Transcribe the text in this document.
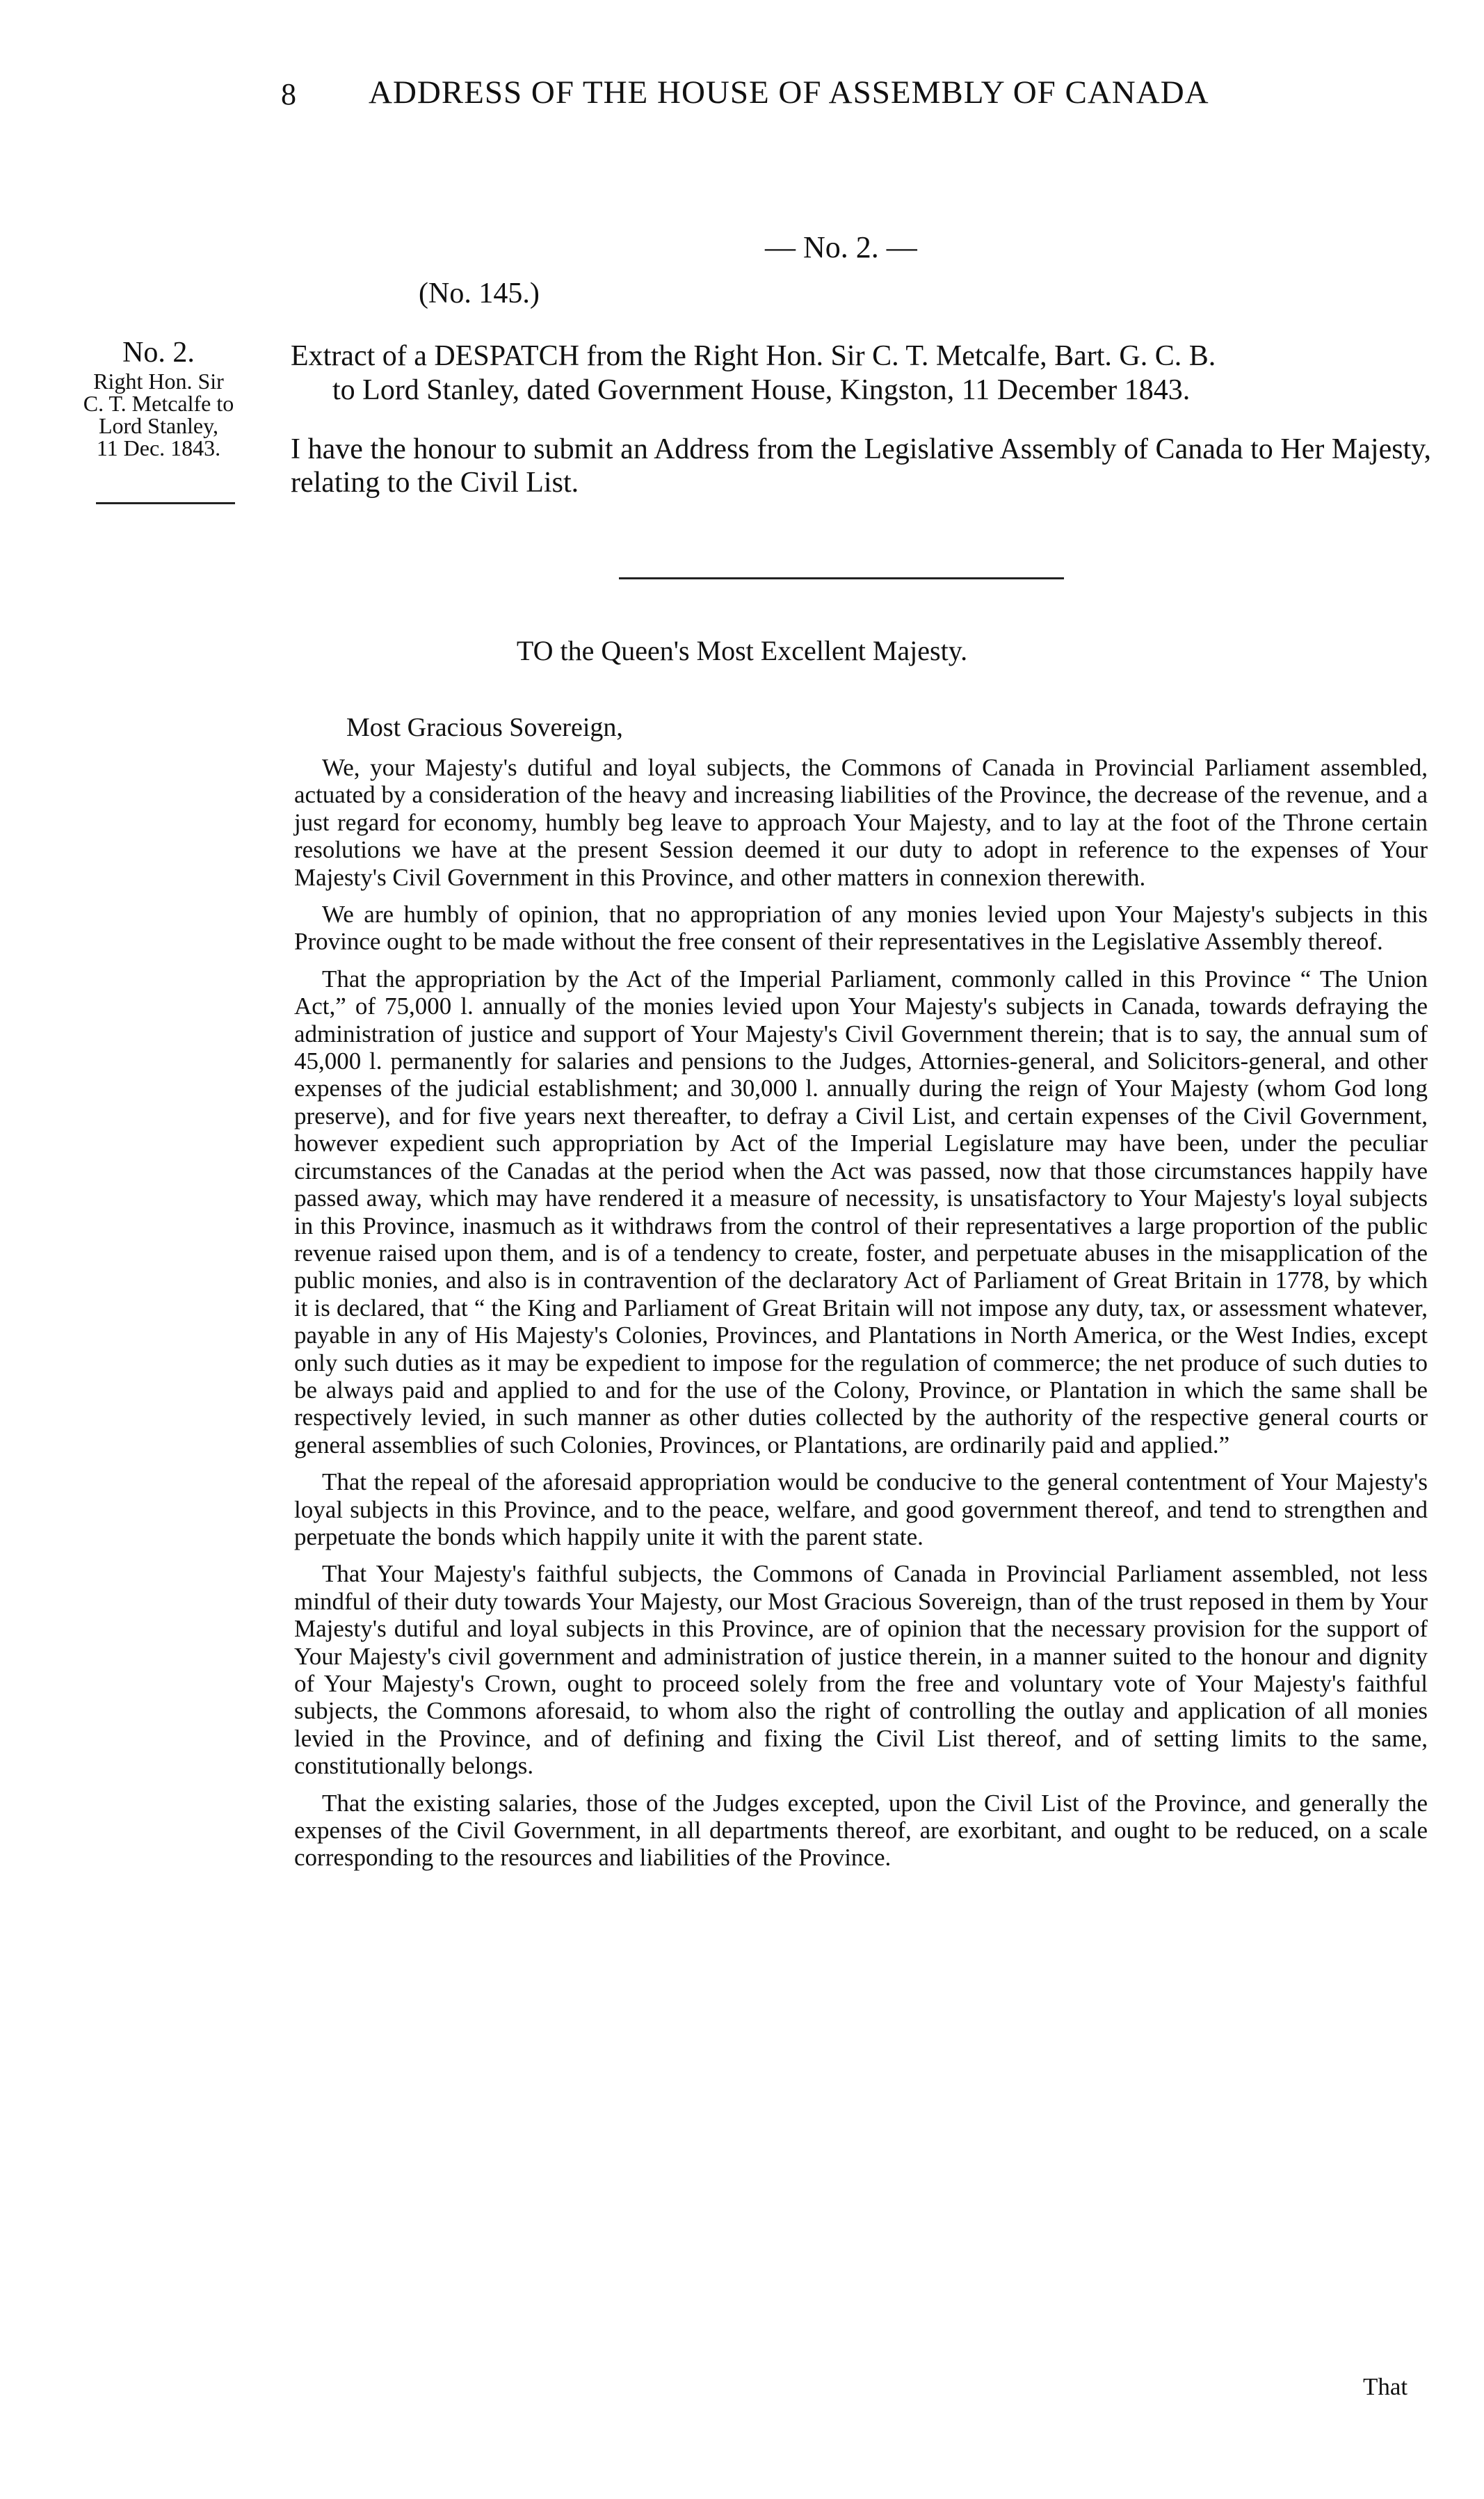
8 ADDRESS OF THE HOUSE OF ASSEMBLY OF CANADA
— No. 2. —
(No. 145.)
No. 2.
Right Hon. Sir
C. T. Metcalfe to
Lord Stanley,
11 Dec. 1843.
Extract of a DESPATCH from the Right Hon. Sir C. T. Metcalfe, Bart. G. C. B.
to Lord Stanley, dated Government House, Kingston, 11 December 1843.
I have the honour to submit an Address from the Legislative Assembly of Canada to Her Majesty, relating to the Civil List.
TO the Queen's Most Excellent Majesty.
Most Gracious Sovereign,

We, your Majesty's dutiful and loyal subjects, the Commons of Canada in Provincial Parliament assembled, actuated by a consideration of the heavy and increasing liabilities of the Province, the decrease of the revenue, and a just regard for economy, humbly beg leave to approach Your Majesty, and to lay at the foot of the Throne certain resolutions we have at the present Session deemed it our duty to adopt in reference to the expenses of Your Majesty's Civil Government in this Province, and other matters in connexion therewith.

We are humbly of opinion, that no appropriation of any monies levied upon Your Majesty's subjects in this Province ought to be made without the free consent of their representatives in the Legislative Assembly thereof.

That the appropriation by the Act of the Imperial Parliament, commonly called in this Province “ The Union Act,” of 75,000 l. annually of the monies levied upon Your Majesty's subjects in Canada, towards defraying the administration of justice and support of Your Majesty's Civil Government therein; that is to say, the annual sum of 45,000 l. permanently for salaries and pensions to the Judges, Attornies-general, and Solicitors-general, and other expenses of the judicial establishment; and 30,000 l. annually during the reign of Your Majesty (whom God long preserve), and for five years next thereafter, to defray a Civil List, and certain expenses of the Civil Government, however expedient such appropriation by Act of the Imperial Legislature may have been, under the peculiar circumstances of the Canadas at the period when the Act was passed, now that those circumstances happily have passed away, which may have rendered it a measure of necessity, is unsatisfactory to Your Majesty's loyal subjects in this Province, inasmuch as it withdraws from the control of their representatives a large proportion of the public revenue raised upon them, and is of a tendency to create, foster, and perpetuate abuses in the misapplication of the public monies, and also is in contravention of the declaratory Act of Parliament of Great Britain in 1778, by which it is declared, that “ the King and Parliament of Great Britain will not impose any duty, tax, or assessment whatever, payable in any of His Majesty's Colonies, Provinces, and Plantations in North America, or the West Indies, except only such duties as it may be expedient to impose for the regulation of commerce; the net produce of such duties to be always paid and applied to and for the use of the Colony, Province, or Plantation in which the same shall be respectively levied, in such manner as other duties collected by the authority of the respective general courts or general assemblies of such Colonies, Provinces, or Plantations, are ordinarily paid and applied.”

That the repeal of the aforesaid appropriation would be conducive to the general contentment of Your Majesty's loyal subjects in this Province, and to the peace, welfare, and good government thereof, and tend to strengthen and perpetuate the bonds which happily unite it with the parent state.

That Your Majesty's faithful subjects, the Commons of Canada in Provincial Parliament assembled, not less mindful of their duty towards Your Majesty, our Most Gracious Sovereign, than of the trust reposed in them by Your Majesty's dutiful and loyal subjects in this Province, are of opinion that the necessary provision for the support of Your Majesty's civil government and administration of justice therein, in a manner suited to the honour and dignity of Your Majesty's Crown, ought to proceed solely from the free and voluntary vote of Your Majesty's faithful subjects, the Commons aforesaid, to whom also the right of controlling the outlay and application of all monies levied in the Province, and of defining and fixing the Civil List thereof, and of setting limits to the same, constitutionally belongs.

That the existing salaries, those of the Judges excepted, upon the Civil List of the Province, and generally the expenses of the Civil Government, in all departments thereof, are exorbitant, and ought to be reduced, on a scale corresponding to the resources and liabilities of the Province.

That
